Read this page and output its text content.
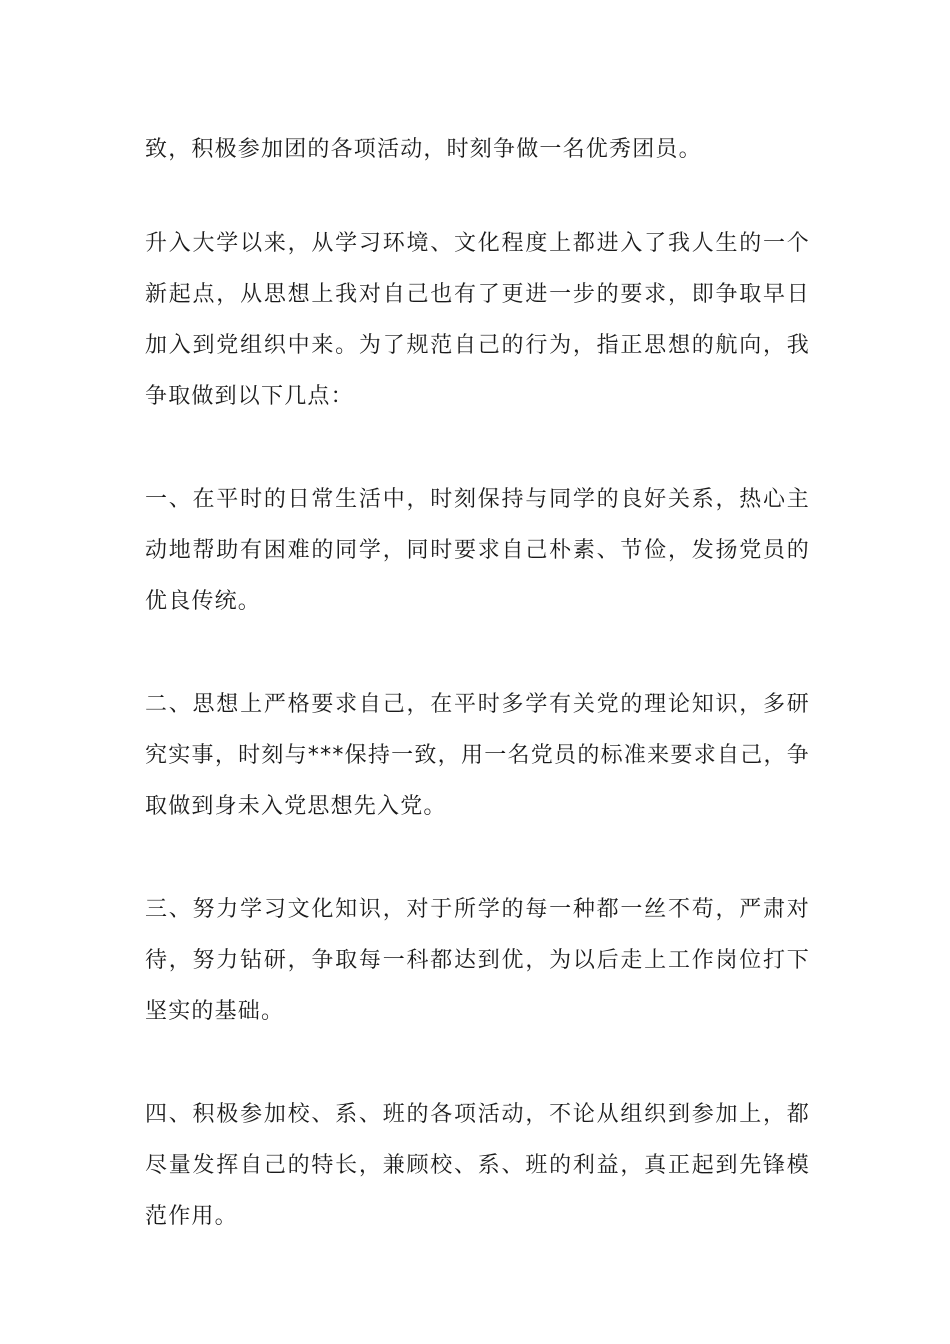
致，积极参加团的各项活动，时刻争做一名优秀团员。

升入大学以来，从学习环境、文化程度上都进入了我人生的一个新起点，从思想上我对自己也有了更进一步的要求，即争取早日加入到党组织中来。为了规范自己的行为，指正思想的航向，我争取做到以下几点：

一、在平时的日常生活中，时刻保持与同学的良好关系，热心主动地帮助有困难的同学，同时要求自己朴素、节俭，发扬党员的优良传统。

二、思想上严格要求自己，在平时多学有关党的理论知识，多研究实事，时刻与***保持一致，用一名党员的标准来要求自己，争取做到身未入党思想先入党。

三、努力学习文化知识，对于所学的每一种都一丝不苟，严肃对待，努力钻研，争取每一科都达到优，为以后走上工作岗位打下坚实的基础。

四、积极参加校、系、班的各项活动，不论从组织到参加上，都尽量发挥自己的特长，兼顾校、系、班的利益，真正起到先锋模范作用。
